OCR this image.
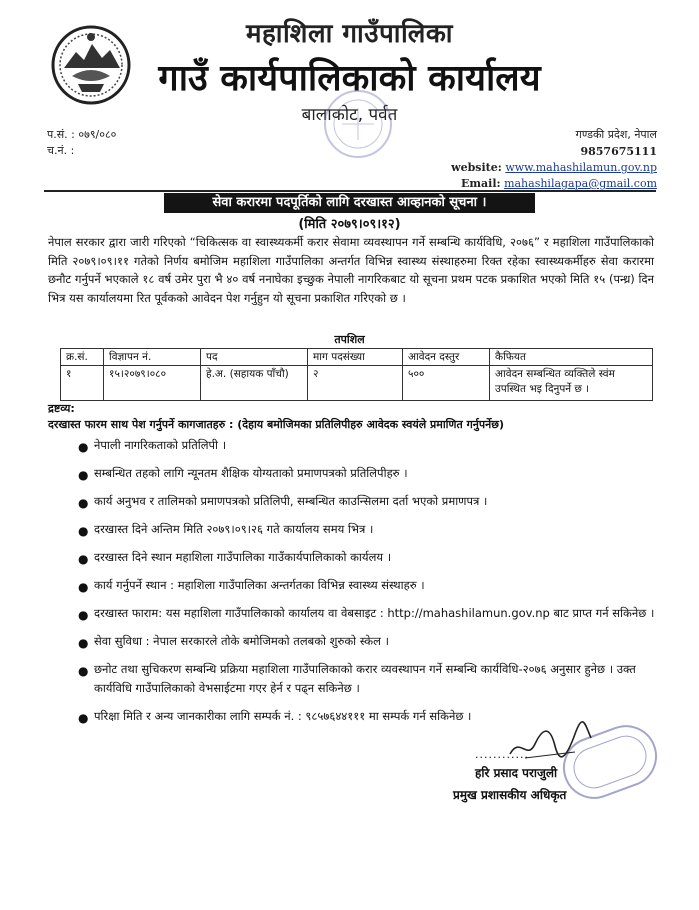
महाशिला गाउँपालिका
गाउँ कार्यपालिकाको कार्यालय
बालाकोट, पर्वत
प.सं. : ०७९/०८०
च.नं. :
गण्डकी प्रदेश, नेपाल
9857675111
website: www.mahashilamun.gov.np
Email: mahashilagapa@gmail.com
सेवा करारमा पदपूर्तिको लागि दरखास्त आव्हानको सूचना ।
(मिति २०७९।०९।१२)
नेपाल सरकार द्वारा जारी गरिएको “चिकित्सक वा स्वास्थ्यकर्मी करार सेवामा व्यवस्थापन गर्ने सम्बन्धि कार्यविधि, २०७६” र महाशिला गाउँपालिकाको मिति २०७९।०९।११ गतेको निर्णय बमोजिम महाशिला गाउँपालिका अन्तर्गत विभिन्न स्वास्थ्य संस्थाहरुमा रिक्त रहेका स्वास्थ्यकर्मीहरु सेवा करारमा छनौट गर्नुपर्ने भएकाले १८ वर्ष उमेर पुरा भै ४० वर्ष ननाघेका इच्छुक नेपाली नागरिकबाट यो सूचना प्रथम पटक प्रकाशित भएको मिति १५ (पन्ध्र) दिन भित्र यस कार्यालयमा रित पूर्वकको आवेदन पेश गर्नुहुन यो सूचना प्रकाशित गरिएको छ ।
तपशिल
क्र.सं.	विज्ञापन नं.	पद	माग पदसंख्या	आवेदन दस्तुर	कैफियत
१	१५।२०७९।०८०	हे.अ. (सहायक पाँचौ)	२	५००	आवेदन सम्बन्धित व्यक्तिले स्वंम उपस्थित भइ दिनुपर्ने छ ।
द्रष्टव्य:
दरखास्त फारम साथ पेश गर्नुपर्ने कागजातहरु : (देहाय बमोजिमका प्रतिलिपीहरु आवेदक स्वयंले प्रमाणित गर्नुपर्नेछ)
● नेपाली नागरिकताको प्रतिलिपी ।
● सम्बन्धित तहको लागि न्यूनतम शैक्षिक योग्यताको प्रमाणपत्रको प्रतिलिपीहरु ।
● कार्य अनुभव र तालिमको प्रमाणपत्रको प्रतिलिपी, सम्बन्धित काउन्सिलमा दर्ता भएको प्रमाणपत्र ।
● दरखास्त दिने अन्तिम मिति २०७९।०९।२६ गते कार्यालय समय भित्र ।
● दरखास्त दिने स्थान महाशिला गाउँपालिका गाउँकार्यपालिकाको कार्यलय ।
● कार्य गर्नुपर्ने स्थान : महाशिला गाउँपालिका अन्तर्गतका विभिन्न स्वास्थ्य संस्थाहरु ।
● दरखास्त फाराम: यस महाशिला गाउँपालिकाको कार्यालय वा वेबसाइट : http://mahashilamun.gov.np बाट प्राप्त गर्न सकिनेछ ।
● सेवा सुविधा : नेपाल सरकारले तोके बमोजिमको तलबको शुरुको स्केल ।
● छनोट तथा सुचिकरण सम्बन्धि प्रक्रिया महाशिला गाउँपालिकाको करार व्यवस्थापन गर्ने सम्बन्धि कार्यविधि-२०७६ अनुसार हुनेछ । उक्त कार्यविधि गाउँपालिकाको वेभसाईटमा गएर हेर्न र पढ्न सकिनेछ ।
● परिक्षा मिति र अन्य जानकारीका लागि सम्पर्क नं. : ९८५७६४४१११ मा सम्पर्क गर्न सकिनेछ ।
............
हरि प्रसाद पराजुली
प्रमुख प्रशासकीय अधिकृत
